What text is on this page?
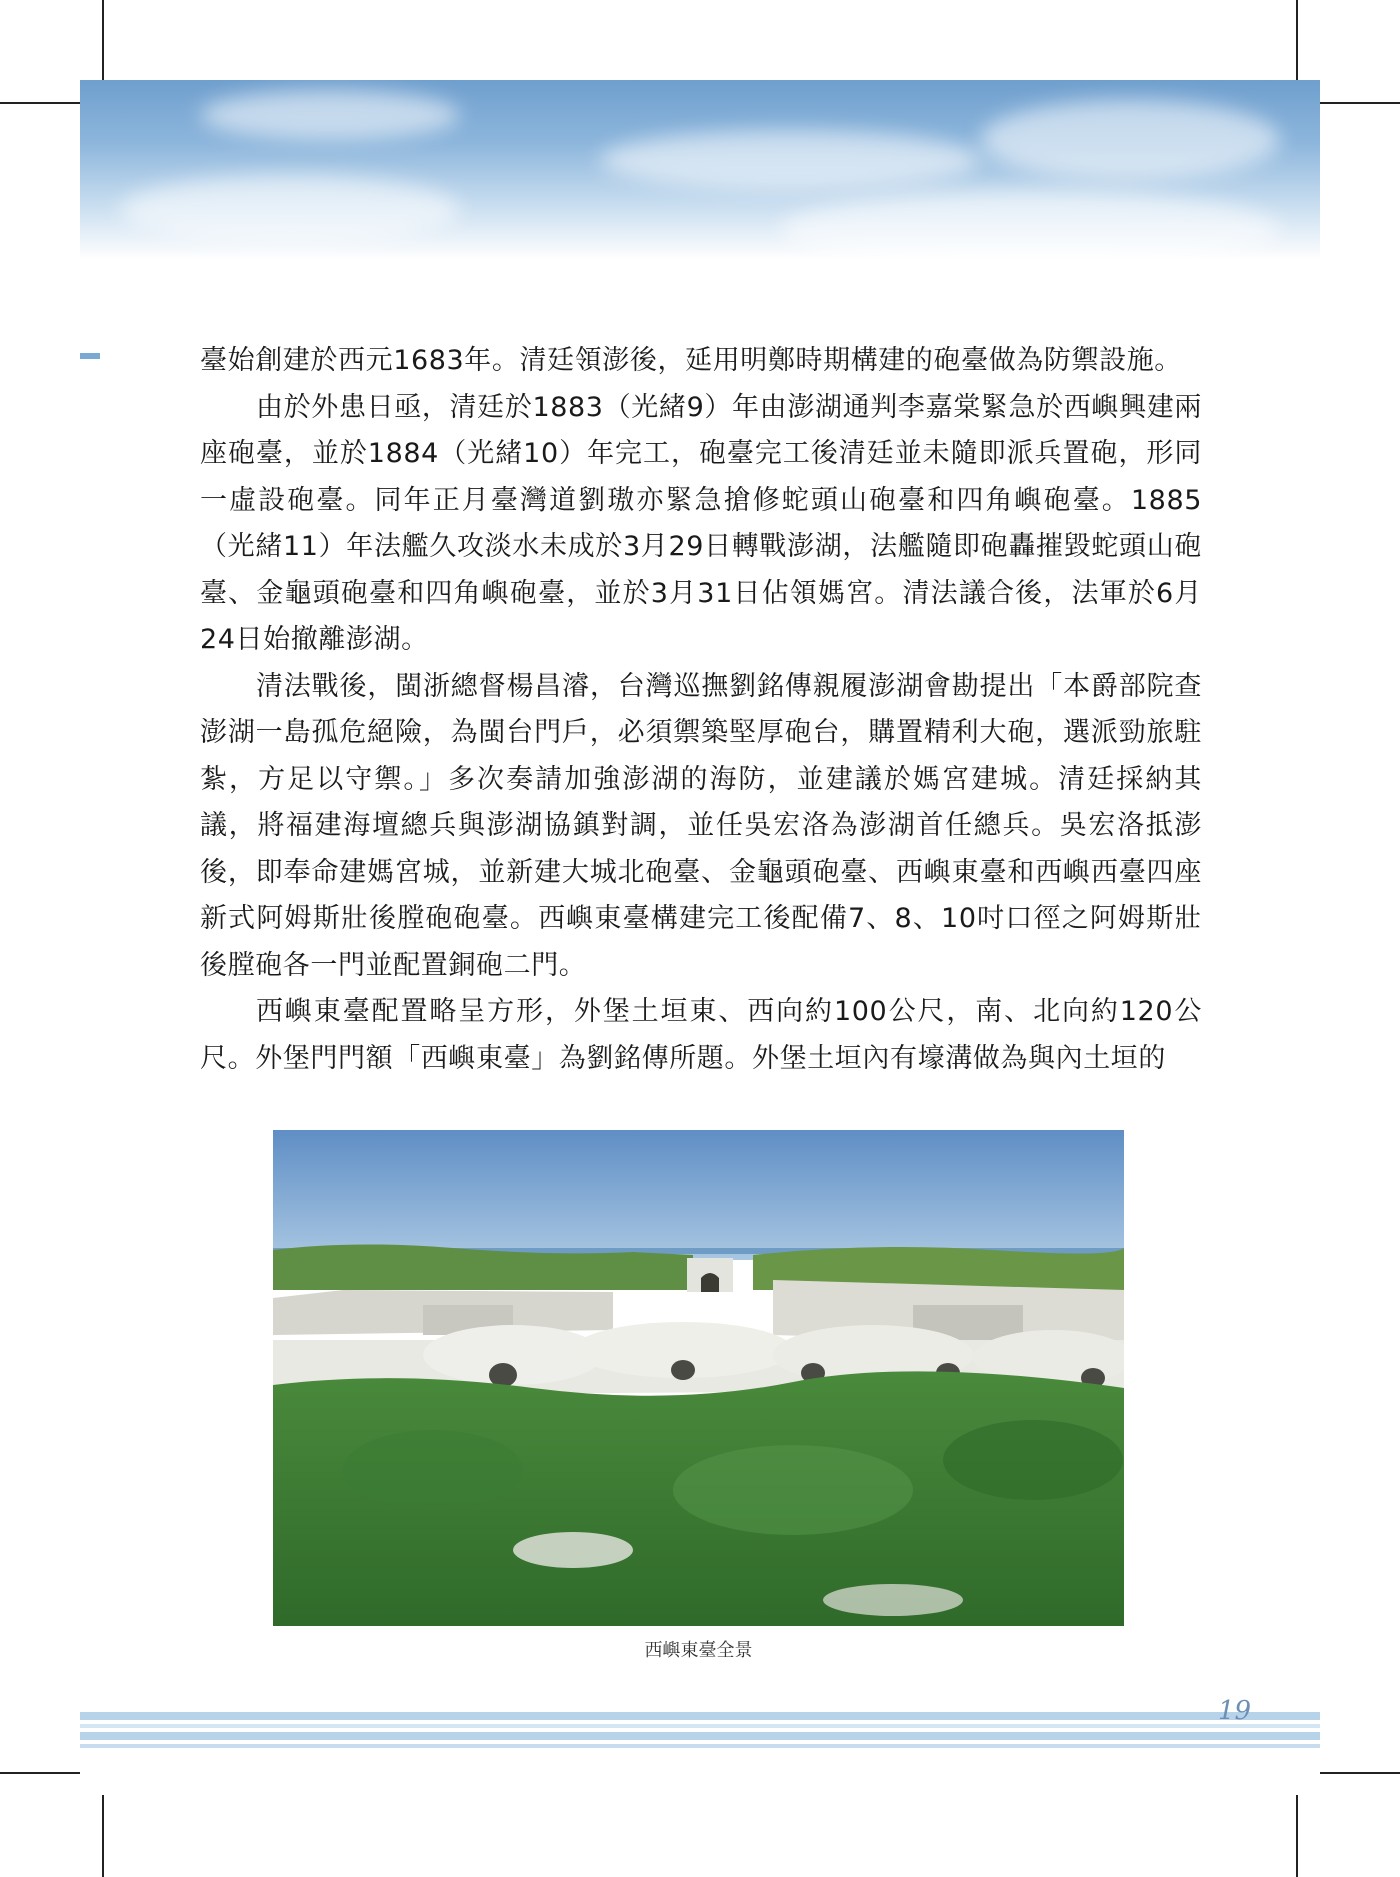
臺始創建於西元1683年。清廷領澎後，延用明鄭時期構建的砲臺做為防禦設施。

由於外患日亟，清廷於1883（光緒9）年由澎湖通判李嘉棠緊急於西嶼興建兩座砲臺，並於1884（光緒10）年完工，砲臺完工後清廷並未隨即派兵置砲，形同一虛設砲臺。同年正月臺灣道劉璈亦緊急搶修蛇頭山砲臺和四角嶼砲臺。1885（光緒11）年法艦久攻淡水未成於3月29日轉戰澎湖，法艦隨即砲轟摧毀蛇頭山砲臺、金龜頭砲臺和四角嶼砲臺，並於3月31日佔領媽宮。清法議合後，法軍於6月24日始撤離澎湖。

清法戰後，閩浙總督楊昌濬，台灣巡撫劉銘傳親履澎湖會勘提出「本爵部院查澎湖一島孤危絕險，為閩台門戶，必須禦築堅厚砲台，購置精利大砲，選派勁旅駐紮，方足以守禦。」多次奏請加強澎湖的海防，並建議於媽宮建城。清廷採納其議，將福建海壇總兵與澎湖協鎮對調，並任吳宏洛為澎湖首任總兵。吳宏洛抵澎後，即奉命建媽宮城，並新建大城北砲臺、金龜頭砲臺、西嶼東臺和西嶼西臺四座新式阿姆斯壯後膛砲砲臺。西嶼東臺構建完工後配備7、8、10吋口徑之阿姆斯壯後膛砲各一門並配置銅砲二門。

西嶼東臺配置略呈方形，外堡土垣東、西向約100公尺，南、北向約120公尺。外堡門門額「西嶼東臺」為劉銘傳所題。外堡土垣內有壕溝做為與內土垣的

西嶼東臺全景
19
